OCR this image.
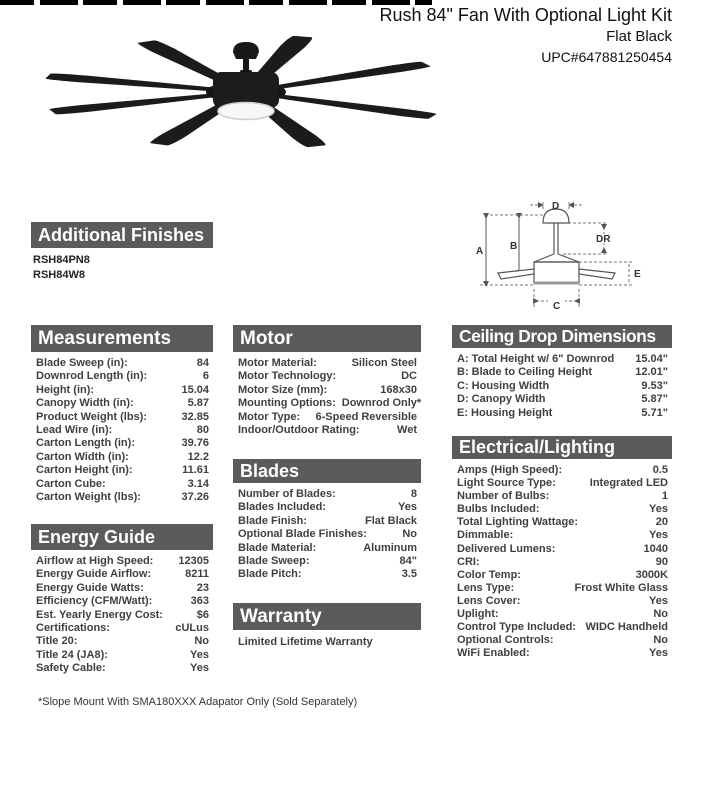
Rush 84" Fan With Optional Light Kit
Flat Black
UPC#647881250454
Additional Finishes
RSH84PN8
RSH84W8
A	B
C
D
E
DR
Measurements
Blade Sweep (in):	84
Downrod Length (in):	6
Height (in):	15.04
Canopy Width (in):	5.87
Product Weight (lbs):	32.85
Lead Wire (in):	80
Carton Length (in):	39.76
Carton Width (in):	12.2
Carton Height (in):	11.61
Carton Cube:	3.14
Carton Weight (lbs):	37.26
Energy Guide
Airflow at High Speed: 12305
Energy Guide Airflow:	8211
Energy Guide Watts:	23
Efficiency (CFM/Watt):	363
Est. Yearly Energy Cost:	$6
Certifications:	cULus
Title 20:	No
Title 24 (JA8):	Yes
Safety Cable:	Yes
Motor
Motor Material:	Silicon Steel
Motor Technology:	DC
Motor Size (mm):	168x30
Mounting Options: Downrod Only*
Motor Type: 6-Speed Reversible
Indoor/Outdoor Rating:	Wet
Blades
Number of Blades:	8
Blades Included:	Yes
Blade Finish:	Flat Black
Optional Blade Finishes:	No
Blade Material:	Aluminum
Blade Sweep:	84"
Blade Pitch:	3.5
Warranty
Limited Lifetime Warranty
Ceiling Drop Dimensions
A: Total Height w/ 6" Downrod 15.04"
B: Blade to Ceiling Height	12.01"
C: Housing Width	9.53"
D: Canopy Width	5.87"
E: Housing Height	5.71"
Electrical/Lighting
Amps (High Speed):	0.5
Light Source Type:	Integrated LED
Number of Bulbs:	1
Bulbs Included:	Yes
Total Lighting Wattage:	20
Dimmable:	Yes
Delivered Lumens:	1040
CRI:	90
Color Temp:	3000K
Lens Type:	Frost White Glass
Lens Cover:	Yes
Uplight:	No
Control Type Included: WIDC Handheld
Optional Controls:	No
WiFi Enabled:	Yes
*Slope Mount With SMA180XXX Adapator Only (Sold Separately)
